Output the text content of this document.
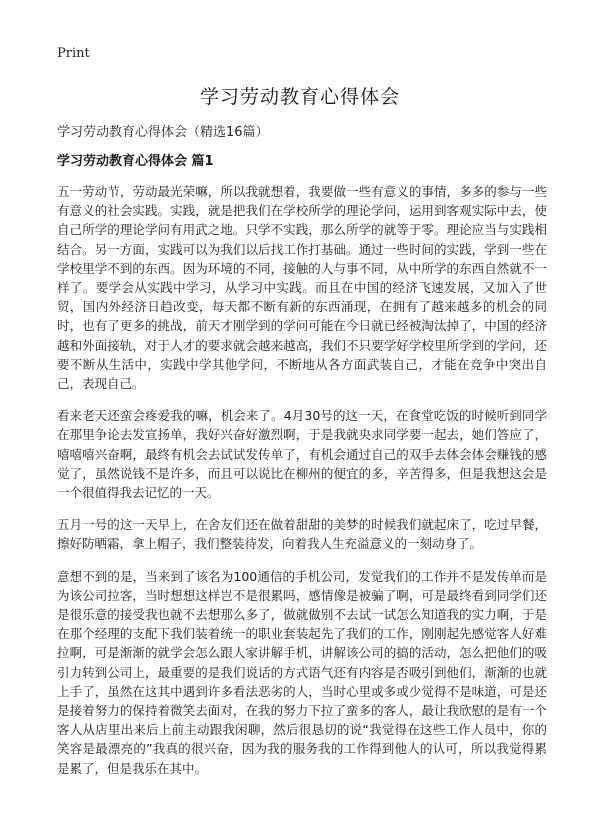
Print
学习劳动教育心得体会
学习劳动教育心得体会（精选16篇）
学习劳动教育心得体会 篇1

五一劳动节，劳动最光荣嘛，所以我就想着，我要做一些有意义的事情，多多的参与一些有意义的社会实践。实践，就是把我们在学校所学的理论学问，运用到客观实际中去，使自己所学的理论学问有用武之地。只学不实践，那么所学的就等于零。理论应当与实践相结合。另一方面，实践可以为我们以后找工作打基础。通过一些时间的实践，学到一些在学校里学不到的东西。因为环境的不同，接触的人与事不同，从中所学的东西自然就不一样了。要学会从实践中学习，从学习中实践。而且在中国的经济飞速发展，又加入了世贸，国内外经济日趋改变，每天都不断有新的东西涌现，在拥有了越来越多的机会的同时，也有了更多的挑战，前天才刚学到的学问可能在今日就已经被淘汰掉了，中国的经济越和外面接轨，对于人才的要求就会越来越高，我们不只要学好学校里所学到的学问，还要不断从生活中，实践中学其他学问，不断地从各方面武装自己，才能在竞争中突出自己，表现自己。

看来老天还蛮会疼爱我的嘛，机会来了。4月30号的这一天，在食堂吃饭的时候听到同学在那里争论去发宣扬单，我好兴奋好激烈啊，于是我就央求同学要一起去，她们答应了，嘻嘻嘻兴奋啊，最终有机会去试试发传单了，有机会通过自己的双手去体会体会赚钱的感觉了，虽然说钱不是许多，而且可以说比在柳州的便宜的多，辛苦得多，但是我想这会是一个很值得我去记忆的一天。

五月一号的这一天早上，在舍友们还在做着甜甜的美梦的时候我们就起床了，吃过早餐，擦好防晒霜，拿上帽子，我们整装待发，向着我人生充溢意义的一刻动身了。

意想不到的是，当来到了该名为100通信的手机公司，发觉我们的工作并不是发传单而是为该公司拉客，当时想想这样岂不是很累吗，感情像是被骗了啊，可是最终看到同学们还是很乐意的接受我也就不去想那么多了，做就做别不去试一试怎么知道我的实力啊，于是在那个经理的支配下我们装着统一的职业套装起先了我们的工作，刚刚起先感觉客人好难拉啊，可是渐渐的就学会怎么跟人家讲解手机，讲解该公司的搞的活动，怎么把他们的吸引力转到公司上，最重要的是我们说话的方式语气还有内容是否吸引到他们，渐渐的也就上手了，虽然在这其中遇到许多看法恶劣的人，当时心里或多或少觉得不是味道，可是还是接着努力的保持着微笑去面对，在我的努力下拉了蛮多的客人，最让我欣慰的是有一个客人从店里出来后上前主动跟我闲聊，然后很恳切的说“我觉得在这些工作人员中，你的笑容是最漂亮的”我真的很兴奋，因为我的服务我的工作得到他人的认可，所以我觉得累是累了，但是我乐在其中。
